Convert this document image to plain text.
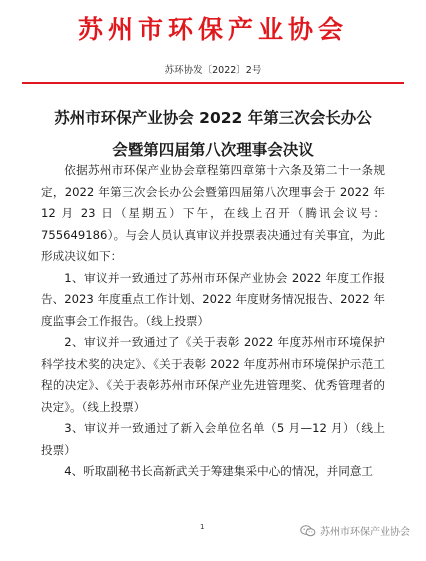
苏州市环保产业协会
苏环协发〔2022〕2号
苏州市环保产业协会 2022 年第三次会长办公
会暨第四届第八次理事会决议

依据苏州市环保产业协会章程第四章第十六条及第二十一条规定，2022 年第三次会长办公会暨第四届第八次理事会于 2022 年 12 月 23 日（星期五）下午，在线上召开（腾讯会议号：755649186）。与会人员认真审议并投票表决通过有关事宜，为此形成决议如下：

1、审议并一致通过了苏州市环保产业协会 2022 年度工作报告、2023 年度重点工作计划、2022 年度财务情况报告、2022 年度监事会工作报告。（线上投票）

2、审议并一致通过了《关于表彰 2022 年度苏州市环境保护科学技术奖的决定》、《关于表彰 2022 年度苏州市环境保护示范工程的决定》、《关于表彰苏州市环保产业先进管理奖、优秀管理者的决定》。（线上投票）

3、审议并一致通过了新入会单位名单（5 月—12 月）（线上投票）

4、听取副秘书长高新武关于筹建集采中心的情况，并同意工

1	苏州市环保产业协会
